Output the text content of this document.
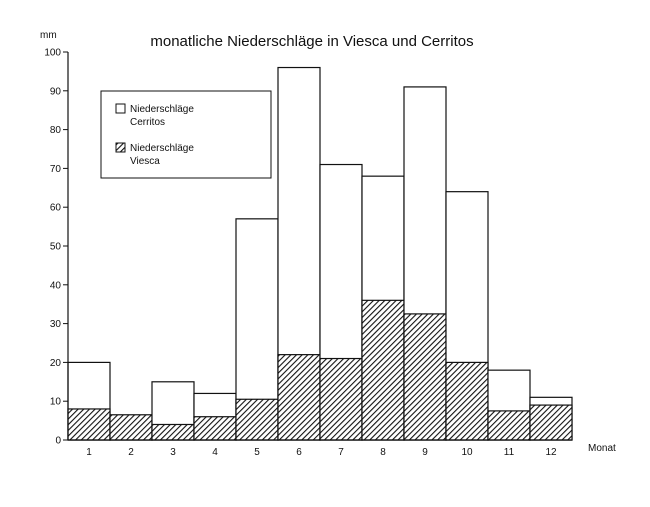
monatliche Niederschläge in Viesca und Cerritos
mm
Monat
0
10
20
30
40
50
60
70
80
90
100
1	2	3	4	5	6	7	8	9	10	11	12
Niederschläge
Cerritos
Niederschläge
Viesca
